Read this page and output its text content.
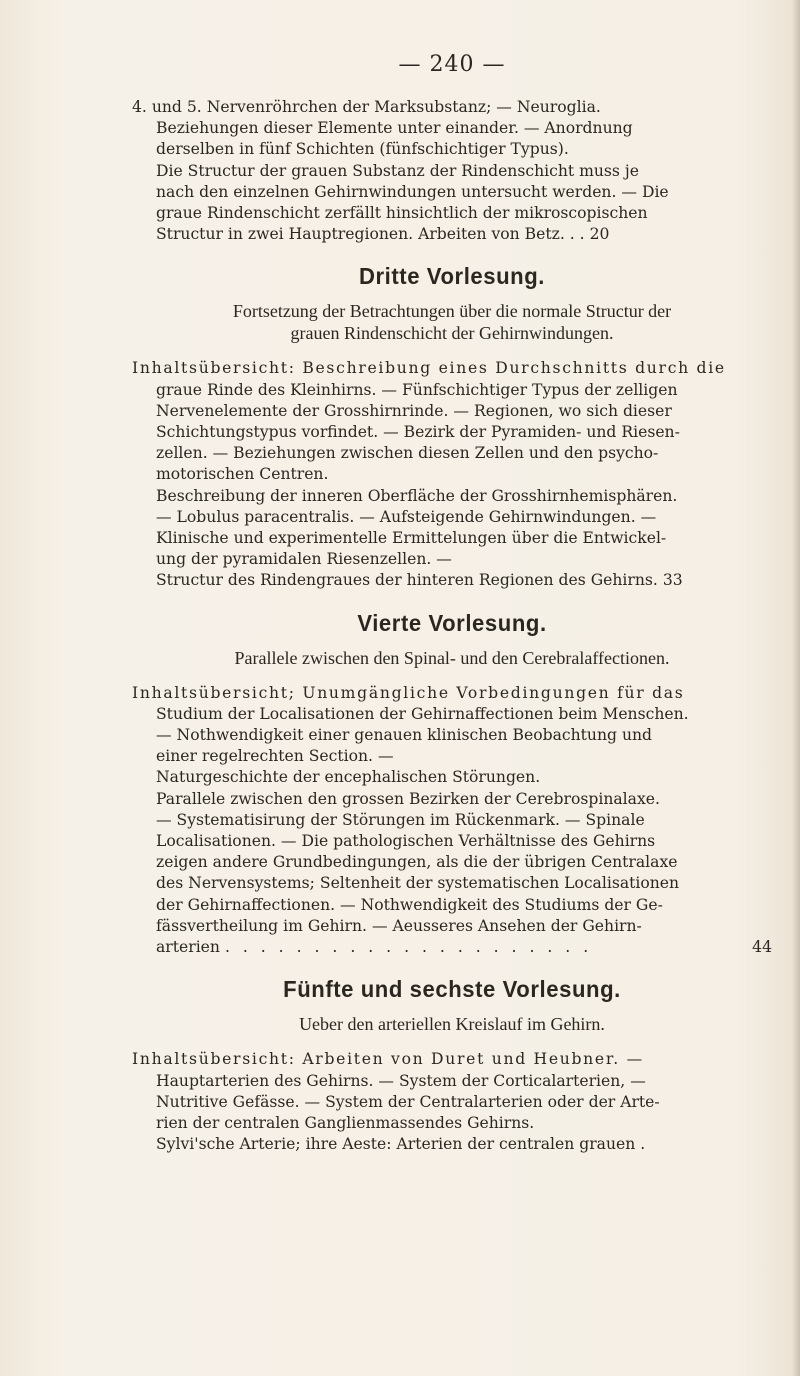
— 240 —

4. und 5. Nervenröhrchen der Marksubstanz; — Neuroglia.

Beziehungen dieser Elemente unter einander. — Anordnung

derselben in fünf Schichten (fünfschichtiger Typus).

Die Structur der grauen Substanz der Rindenschicht muss je

nach den einzelnen Gehirnwindungen untersucht werden. — Die

graue Rindenschicht zerfällt hinsichtlich der mikroscopischen

Structur in zwei Hauptregionen. Arbeiten von Betz. . . 20

Dritte Vorlesung.
Fortsetzung der Betrachtungen über die normale Structur der
grauen Rindenschicht der Gehirnwindungen.

Inhaltsübersicht: Beschreibung eines Durchschnitts durch die

graue Rinde des Kleinhirns. — Fünfschichtiger Typus der zelligen

Nervenelemente der Grosshirnrinde. — Regionen, wo sich dieser

Schichtungstypus vorfindet. — Bezirk der Pyramiden- und Riesen-

zellen. — Beziehungen zwischen diesen Zellen und den psycho-

motorischen Centren.

Beschreibung der inneren Oberfläche der Grosshirnhemisphären.

— Lobulus paracentralis. — Aufsteigende Gehirnwindungen. —

Klinische und experimentelle Ermittelungen über die Entwickel-

ung der pyramidalen Riesenzellen. —

Structur des Rindengraues der hinteren Regionen des Gehirns. 33

Vierte Vorlesung.
Parallele zwischen den Spinal- und den Cerebralaffectionen.

Inhaltsübersicht; Unumgängliche Vorbedingungen für das

Studium der Localisationen der Gehirnaffectionen beim Menschen.

— Nothwendigkeit einer genauen klinischen Beobachtung und

einer regelrechten Section. —

Naturgeschichte der encephalischen Störungen.

Parallele zwischen den grossen Bezirken der Cerebrospinalaxe.

— Systematisirung der Störungen im Rückenmark. — Spinale

Localisationen. — Die pathologischen Verhältnisse des Gehirns

zeigen andere Grundbedingungen, als die der übrigen Centralaxe

des Nervensystems; Seltenheit der systematischen Localisationen

der Gehirnaffectionen. — Nothwendigkeit des Studiums der Ge-

fässvertheilung im Gehirn. — Aeusseres Ansehen der Gehirn-

arterien . . . . . . . . . . . . . . . . . . . . .	44

Fünfte und sechste Vorlesung.
Ueber den arteriellen Kreislauf im Gehirn.

Inhaltsübersicht: Arbeiten von Duret und Heubner. —

Hauptarterien des Gehirns. — System der Corticalarterien, —

Nutritive Gefässe. — System der Centralarterien oder der Arte-

rien der centralen Ganglienmassendes Gehirns.

Sylvi'sche Arterie; ihre Aeste: Arterien der centralen grauen .
